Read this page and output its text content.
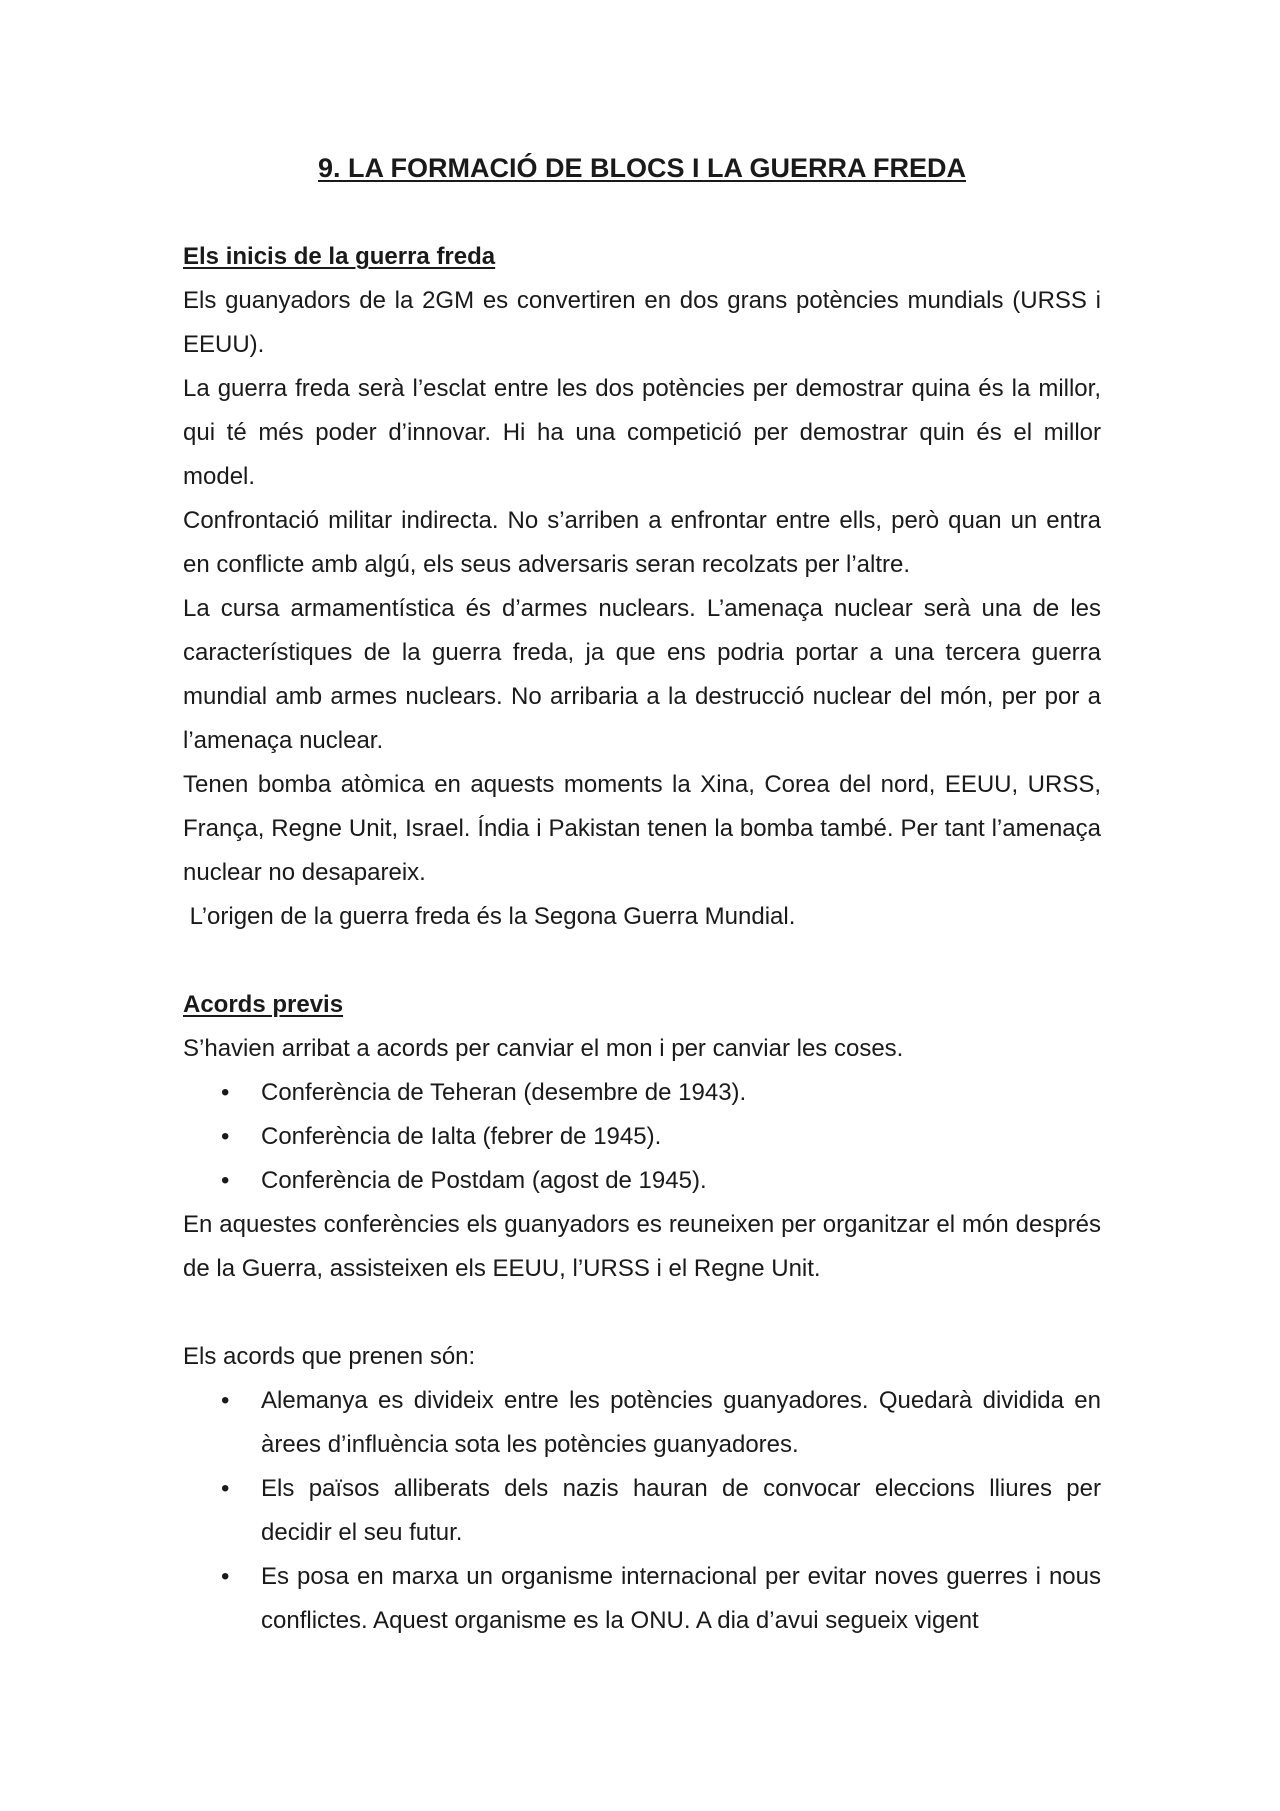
9. LA FORMACIÓ DE BLOCS I LA GUERRA FREDA
Els inicis de la guerra freda

Els guanyadors de la 2GM es convertiren en dos grans potències mundials (URSS i EEUU).

La guerra freda serà l’esclat entre les dos potències per demostrar quina és la millor, qui té més poder d’innovar. Hi ha una competició per demostrar quin és el millor model.

Confrontació militar indirecta. No s’arriben a enfrontar entre ells, però quan un entra en conflicte amb algú, els seus adversaris seran recolzats per l’altre.

La cursa armamentística és d’armes nuclears. L’amenaça nuclear serà una de les característiques de la guerra freda, ja que ens podria portar a una tercera guerra mundial amb armes nuclears. No arribaria a la destrucció nuclear del món, per por a l’amenaça nuclear.

Tenen bomba atòmica en aquests moments la Xina, Corea del nord, EEUU, URSS, França, Regne Unit, Israel. Índia i Pakistan tenen la bomba també. Per tant l’amenaça nuclear no desapareix.

L’origen de la guerra freda és la Segona Guerra Mundial.

Acords previs

S’havien arribat a acords per canviar el mon i per canviar les coses.

• Conferència de Teheran (desembre de 1943).
• Conferència de Ialta (febrer de 1945).
• Conferència de Postdam (agost de 1945).

En aquestes conferències els guanyadors es reuneixen per organitzar el món després de la Guerra, assisteixen els EEUU, l’URSS i el Regne Unit.

Els acords que prenen són:

• Alemanya es divideix entre les potències guanyadores. Quedarà dividida en àrees d’influència sota les potències guanyadores.
• Els països alliberats dels nazis hauran de convocar eleccions lliures per decidir el seu futur.
• Es posa en marxa un organisme internacional per evitar noves guerres i nous conflictes. Aquest organisme es la ONU. A dia d’avui segueix vigent
